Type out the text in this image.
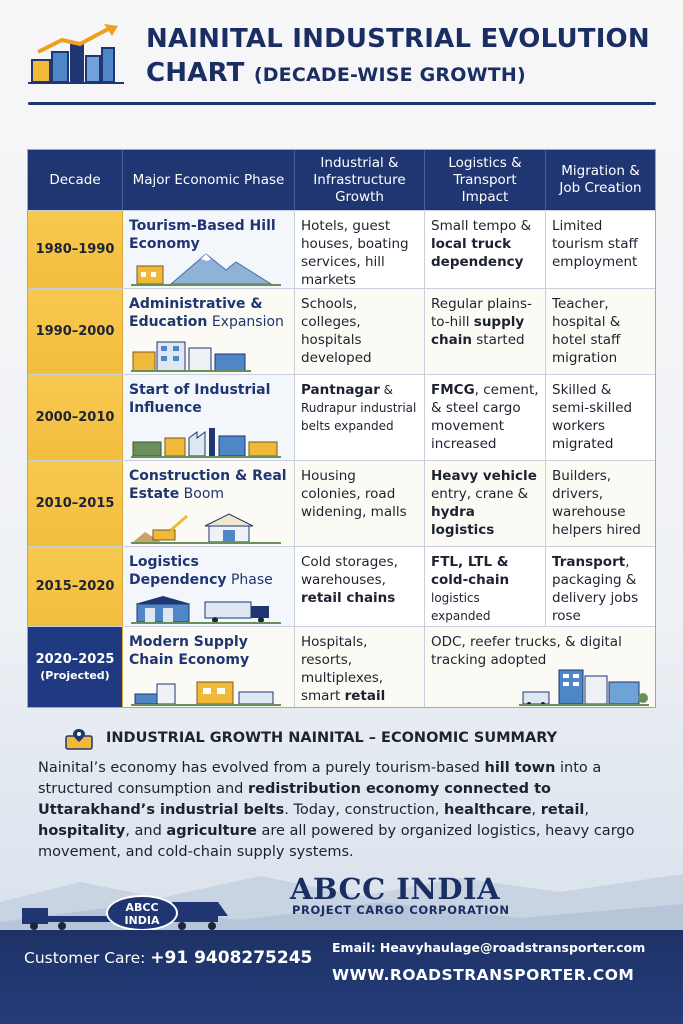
NAINITAL INDUSTRIAL EVOLUTION
CHART (DECADE-WISE GROWTH)
Decade	Major Economic Phase
Industrial & Infrastructure Growth
Logistics & Transport Impact
Migration & Job Creation
1980–1990
Tourism-Based Hill Economy
Hotels, guest houses, boating services, hill markets
Small tempo & local truck dependency
Limited tourism staff employment
1990–2000
Administrative & Education Expansion
Schools, colleges, hospitals developed
Regular plains-to-hill supply chain started
Teacher, hospital & hotel staff migration
2000–2010
Start of Industrial Influence
Pantnagar & Rudrapur industrial belts expanded
FMCG, cement, & steel cargo movement increased
Skilled & semi-skilled workers migrated
2010–2015
Construction & Real Estate Boom
Housing colonies, road widening, malls
Heavy vehicle entry, crane & hydra logistics
Builders, drivers, warehouse helpers hired
2015–2020
Logistics Dependency Phase
Cold storages, warehouses, retail chains
FTL, LTL & cold-chain logistics expanded
Transport, packaging & delivery jobs rose
2020–2025
(Projected)
Modern Supply Chain Economy
Hospitals, resorts, multiplexes, smart retail
ODC, reefer trucks, & digital tracking adopted
INDUSTRIAL GROWTH NAINITAL – ECONOMIC SUMMARY
Nainital’s economy has evolved from a purely tourism-based hill town into a structured consumption and redistribution economy connected to Uttarakhand’s industrial belts. Today, construction, healthcare, retail, hospitality, and agriculture are all powered by organized logistics, heavy cargo movement, and cold-chain supply systems.
ABCC
INDIA
ABCC INDIA
PROJECT CARGO CORPORATION
Customer Care: +91 9408275245
Email: Heavyhaulage@roadstransporter.com
WWW.ROADSTRANSPORTER.COM
